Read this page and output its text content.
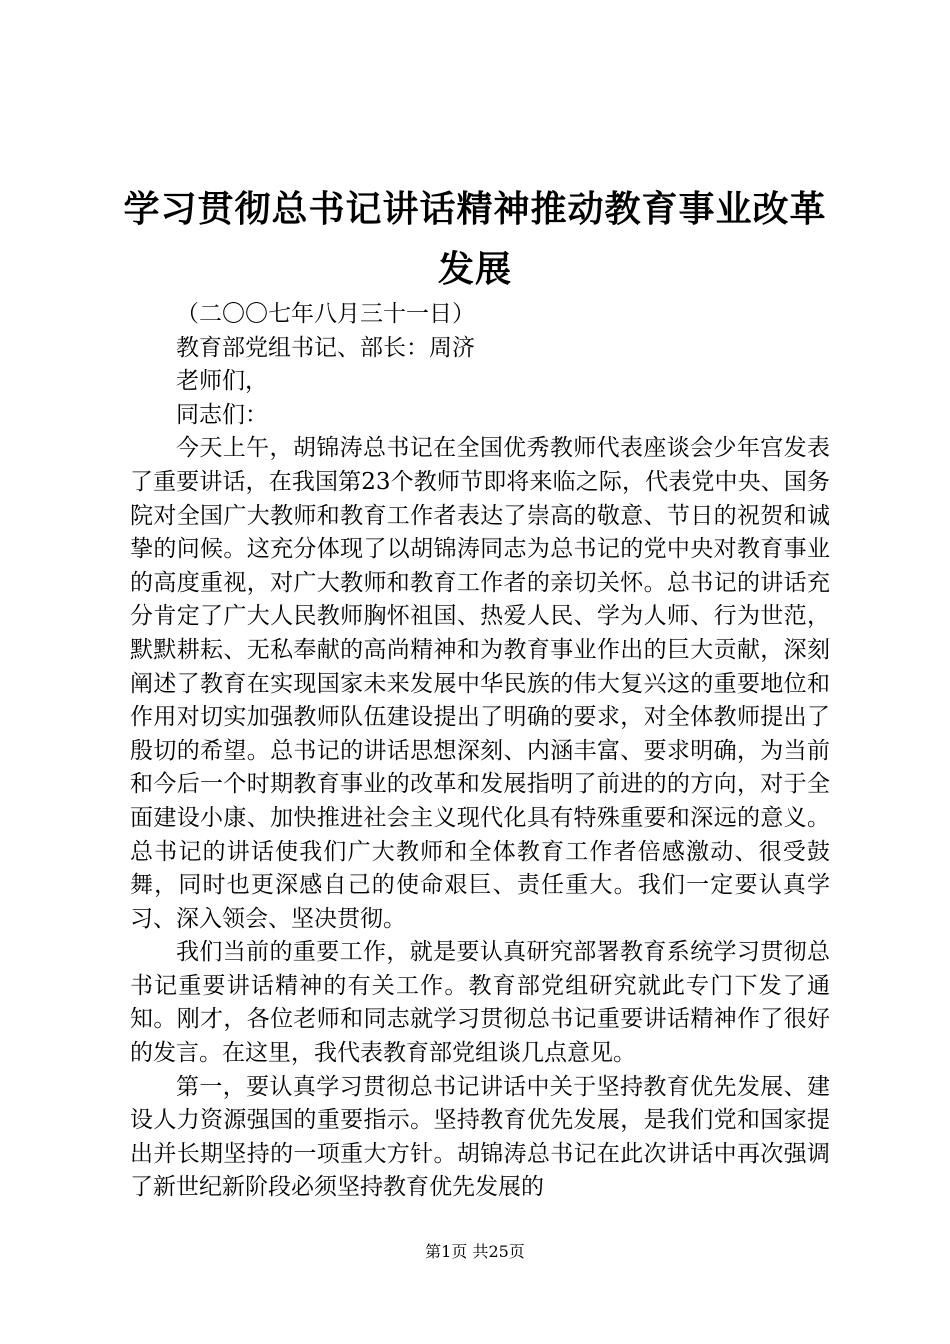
学习贯彻总书记讲话精神推动教育事业改革发展

（二〇〇七年八月三十一日）

教育部党组书记、部长：周济

老师们，

同志们：

今天上午，胡锦涛总书记在全国优秀教师代表座谈会少年宫发表了重要讲话，在我国第23个教师节即将来临之际，代表党中央、国务院对全国广大教师和教育工作者表达了崇高的敬意、节日的祝贺和诚挚的问候。这充分体现了以胡锦涛同志为总书记的党中央对教育事业的高度重视，对广大教师和教育工作者的亲切关怀。总书记的讲话充分肯定了广大人民教师胸怀祖国、热爱人民、学为人师、行为世范，默默耕耘、无私奉献的高尚精神和为教育事业作出的巨大贡献，深刻阐述了教育在实现国家未来发展中华民族的伟大复兴这的重要地位和作用对切实加强教师队伍建设提出了明确的要求，对全体教师提出了殷切的希望。总书记的讲话思想深刻、内涵丰富、要求明确，为当前和今后一个时期教育事业的改革和发展指明了前进的的方向，对于全面建设小康、加快推进社会主义现代化具有特殊重要和深远的意义。总书记的讲话使我们广大教师和全体教育工作者倍感激动、很受鼓舞，同时也更深感自己的使命艰巨、责任重大。我们一定要认真学习、深入领会、坚决贯彻。

我们当前的重要工作，就是要认真研究部署教育系统学习贯彻总书记重要讲话精神的有关工作。教育部党组研究就此专门下发了通知。刚才，各位老师和同志就学习贯彻总书记重要讲话精神作了很好的发言。在这里，我代表教育部党组谈几点意见。

第一，要认真学习贯彻总书记讲话中关于坚持教育优先发展、建设人力资源强国的重要指示。坚持教育优先发展，是我们党和国家提出并长期坚持的一项重大方针。胡锦涛总书记在此次讲话中再次强调了新世纪新阶段必须坚持教育优先发展的

第1页 共25页
